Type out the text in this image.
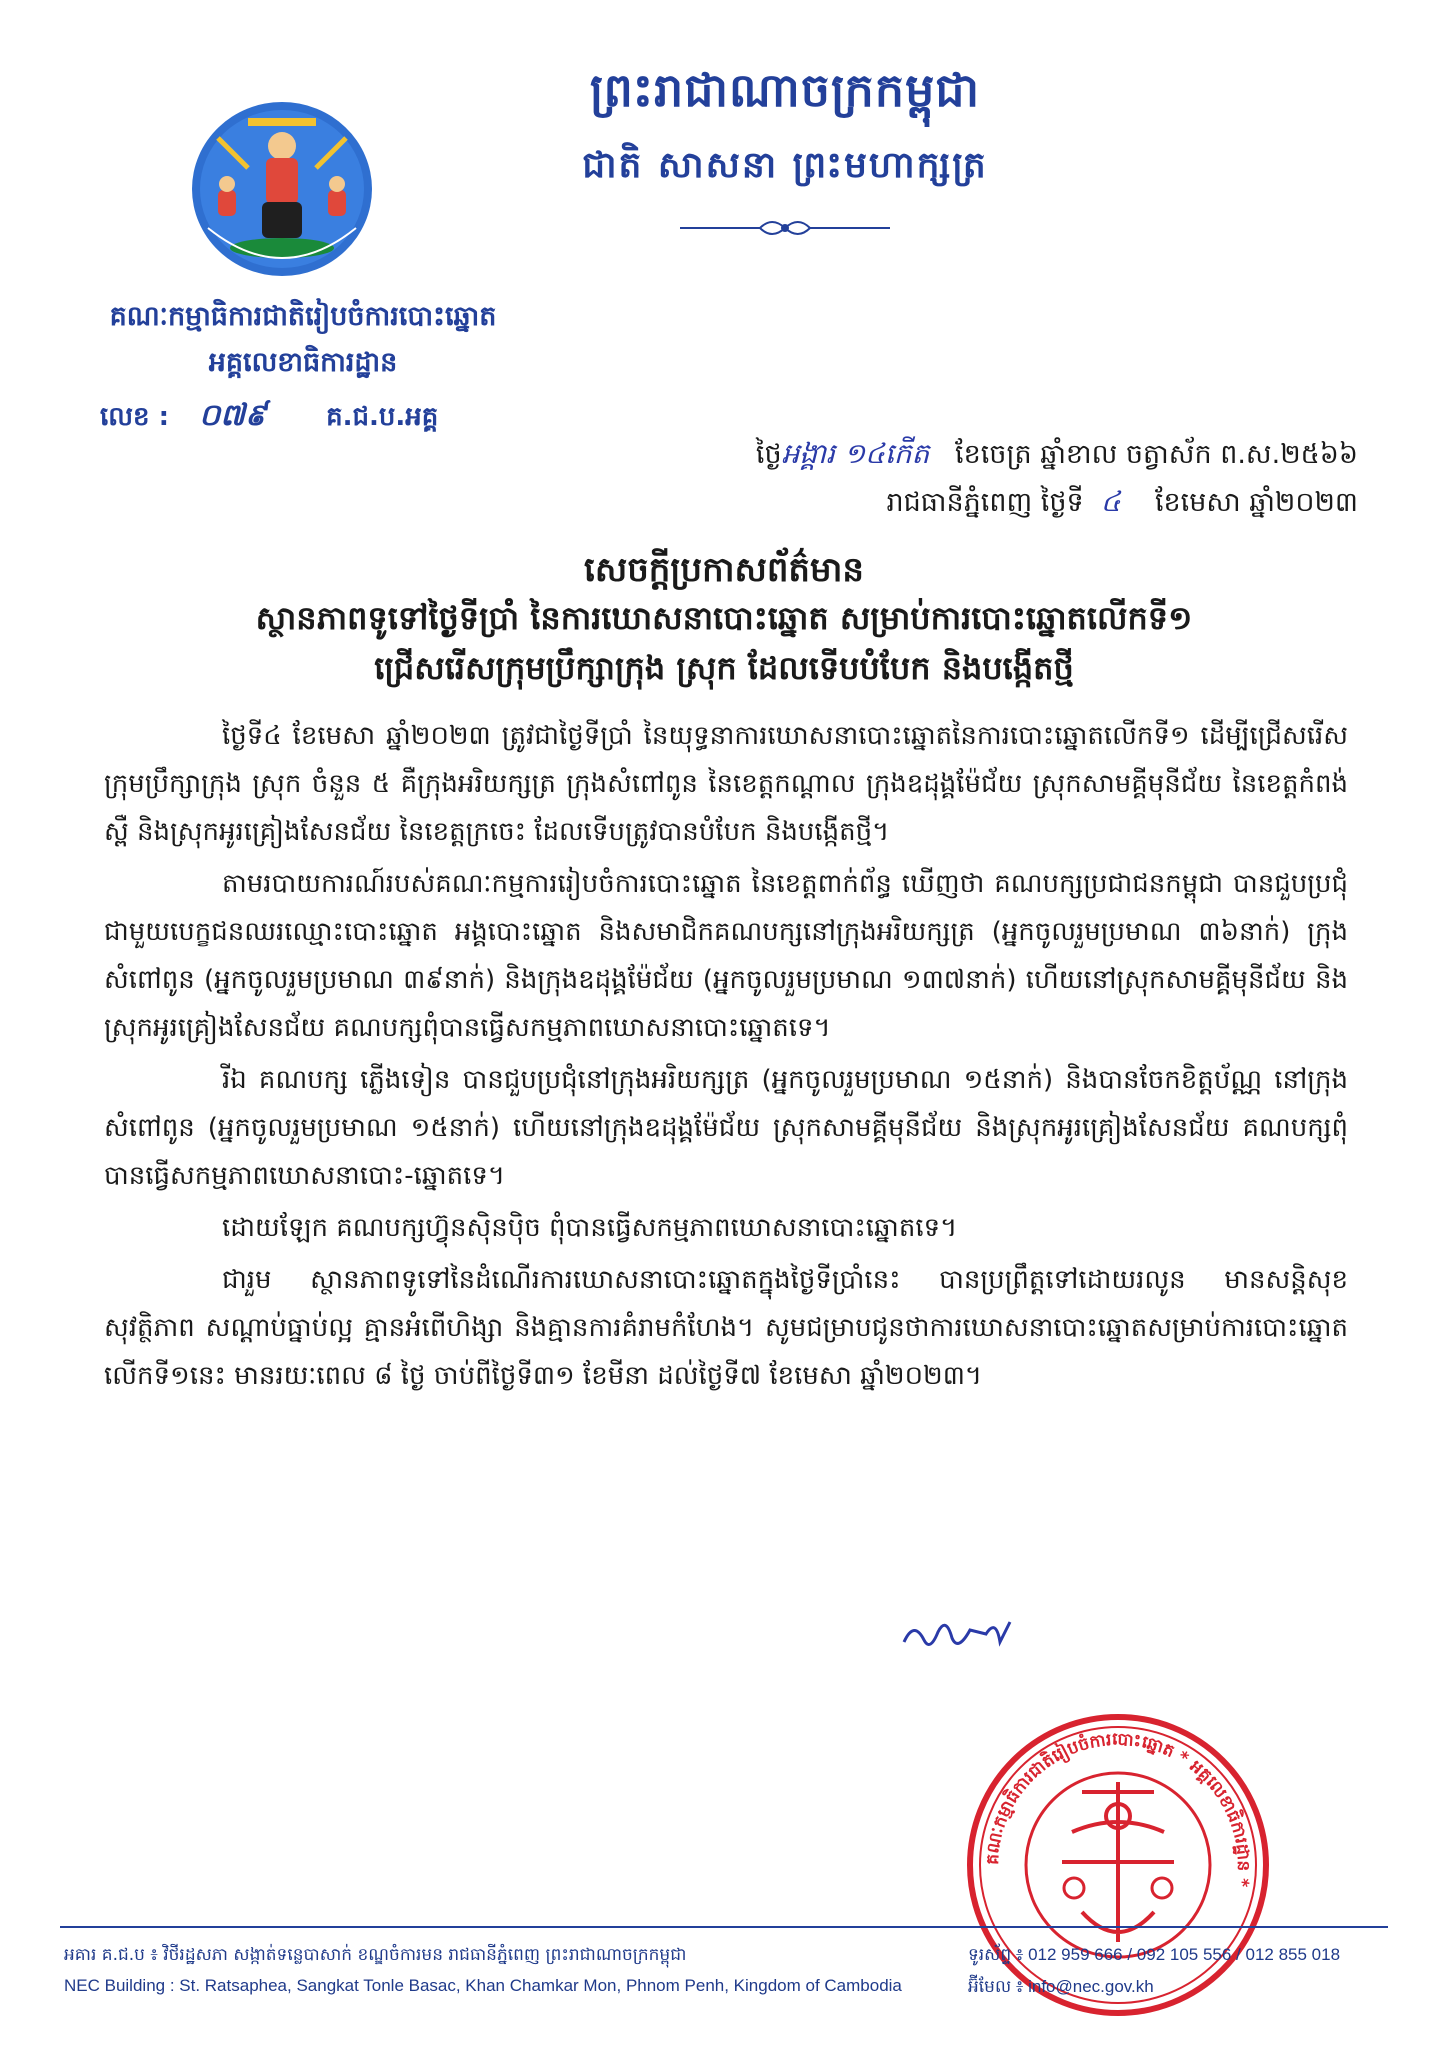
ព្រះរាជាណាចក្រកម្ពុជា
ជាតិ សាសនា ព្រះមហាក្សត្រ
គណៈកម្មាធិការជាតិរៀបចំការបោះឆ្នោត
អគ្គលេខាធិការដ្ឋាន
លេខ : ០៧៩ គ.ជ.ប.អគ្គ
ថ្ងៃអង្គារ ១៤កើត ខែចេត្រ ឆ្នាំខាល ចត្វាស័ក ព.ស.២៥៦៦
រាជធានីភ្នំពេញ ថ្ងៃទី ៤ ខែមេសា ឆ្នាំ២០២៣
សេចក្តីប្រកាសព័ត៌មាន
ស្ថានភាពទូទៅថ្ងៃទីប្រាំ នៃការឃោសនាបោះឆ្នោត សម្រាប់ការបោះឆ្នោតលើកទី១
ជ្រើសរើសក្រុមប្រឹក្សាក្រុង ស្រុក ដែលទើបបំបែក និងបង្កើតថ្មី

ថ្ងៃទី៤ ខែមេសា ឆ្នាំ២០២៣ ត្រូវជាថ្ងៃទីប្រាំ នៃយុទ្ធនាការឃោសនាបោះឆ្នោតនៃការបោះឆ្នោតលើកទី១ ដើម្បីជ្រើសរើសក្រុមប្រឹក្សាក្រុង ស្រុក ចំនួន ៥ គឺក្រុងអរិយក្សត្រ ក្រុងសំពៅពូន នៃខេត្តកណ្តាល ក្រុងឧដុង្គម៉ែជ័យ ស្រុកសាមគ្គីមុនីជ័យ នៃខេត្តកំពង់ស្ពឺ និងស្រុកអូរគ្រៀងសែនជ័យ នៃខេត្តក្រចេះ ដែលទើបត្រូវបានបំបែក និងបង្កើតថ្មី។

តាមរបាយការណ៍របស់គណៈកម្មការរៀបចំការបោះឆ្នោត នៃខេត្តពាក់ព័ន្ធ ឃើញថា គណបក្សប្រជាជនកម្ពុជា បានជួបប្រជុំជាមួយបេក្ខជនឈរឈ្មោះបោះឆ្នោត អង្គបោះឆ្នោត និងសមាជិកគណបក្សនៅក្រុងអរិយក្សត្រ (អ្នកចូលរួមប្រមាណ ៣៦នាក់) ក្រុងសំពៅពូន (អ្នកចូលរួមប្រមាណ ៣៩នាក់) និងក្រុងឧដុង្គម៉ែជ័យ (អ្នកចូលរួមប្រមាណ ១៣៧នាក់) ហើយនៅស្រុកសាមគ្គីមុនីជ័យ និងស្រុកអូរគ្រៀងសែនជ័យ គណបក្សពុំបានធ្វើសកម្មភាពឃោសនាបោះឆ្នោតទេ។

រីឯ គណបក្ស ភ្លើងទៀន បានជួបប្រជុំនៅក្រុងអរិយក្សត្រ (អ្នកចូលរួមប្រមាណ ១៥នាក់) និងបានចែកខិត្តប័ណ្ណ នៅក្រុងសំពៅពូន (អ្នកចូលរួមប្រមាណ ១៥នាក់) ហើយនៅក្រុងឧដុង្គម៉ែជ័យ ស្រុកសាមគ្គីមុនីជ័យ និងស្រុកអូរគ្រៀងសែនជ័យ គណបក្សពុំបានធ្វើសកម្មភាពឃោសនាបោះ-ឆ្នោតទេ។

ដោយឡែក គណបក្សហ៊្វុនស៊ិនប៉ិច ពុំបានធ្វើសកម្មភាពឃោសនាបោះឆ្នោតទេ។

ជារួម ស្ថានភាពទូទៅនៃដំណើរការឃោសនាបោះឆ្នោតក្នុងថ្ងៃទីប្រាំនេះ បានប្រព្រឹត្តទៅដោយរលូន មានសន្តិសុខ សុវត្ថិភាព សណ្តាប់ធ្នាប់ល្អ គ្មានអំពើហិង្សា និងគ្មានការគំរាមកំហែង។ សូមជម្រាបជូនថាការឃោសនាបោះឆ្នោតសម្រាប់ការបោះឆ្នោតលើកទី១នេះ មានរយៈពេល ៨ ថ្ងៃ ចាប់ពីថ្ងៃទី៣១ ខែមីនា ដល់ថ្ងៃទី៧ ខែមេសា ឆ្នាំ២០២៣។

គណៈកម្មាធិការជាតិរៀបចំការបោះឆ្នោត * អគ្គលេខាធិការដ្ឋាន *
អគារ គ.ជ.ប ៖ វិថីរដ្ឋសភា សង្កាត់ទន្លេបាសាក់ ខណ្ឌចំការមន រាជធានីភ្នំពេញ ព្រះរាជាណាចក្រកម្ពុជា
NEC Building : St. Ratsaphea, Sangkat Tonle Basac, Khan Chamkar Mon, Phnom Penh, Kingdom of Cambodia
ទូរស័ព្ទ ៖ 012 959 666 / 092 105 556 / 012 855 018
អ៊ីមែល ៖ info@nec.gov.kh
